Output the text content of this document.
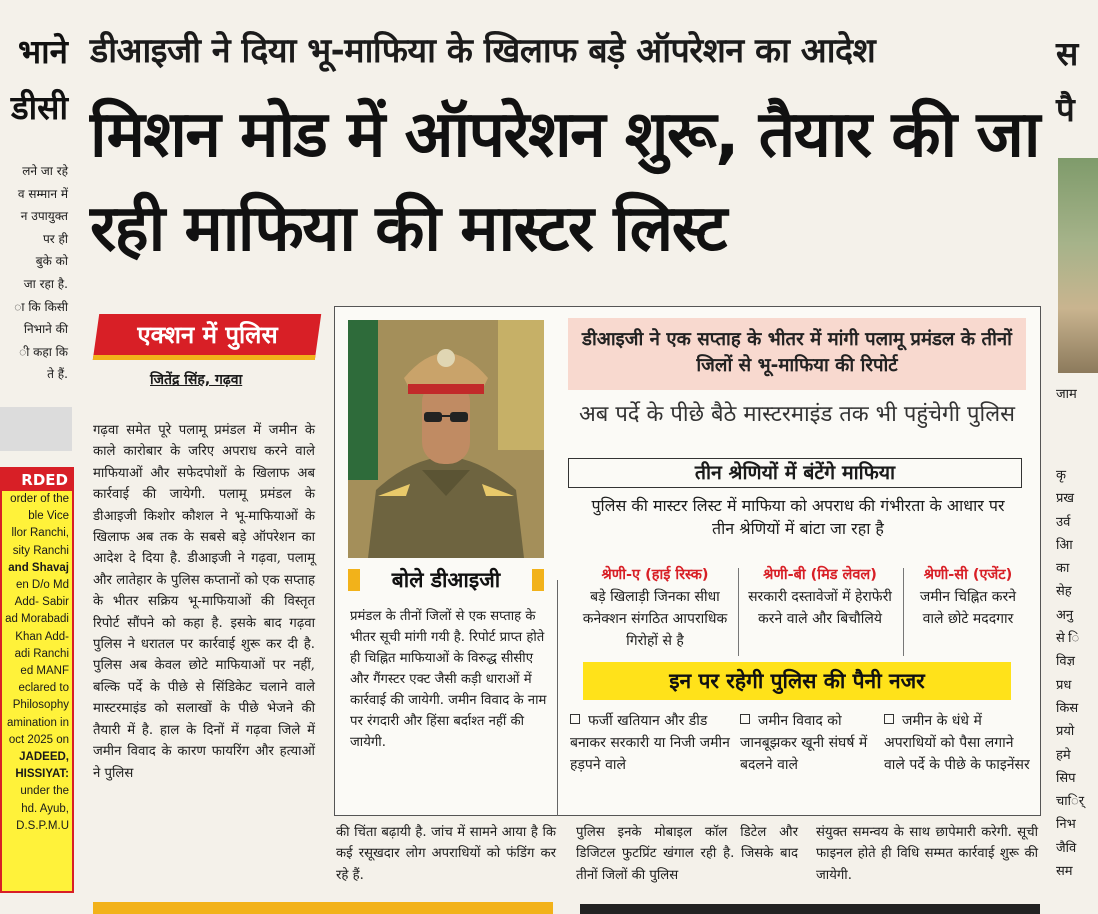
भाने
डीसी
लने जा रहे
व सम्मान में
न उपायुक्त
पर ही
बुके को
जा रहा है.
ा कि किसी
निभाने की
ी कहा कि
ते हैं.
RDED
order of the
ble Vice
llor Ranchi,
sity Ranchi
and Shavaj
en D/o Md
Add- Sabir
ad Morabadi
Khan Add-
adi Ranchi
ed MANF
eclared to
Philosophy
amination in
oct 2025 on
JADEED,
HISSIYAT:
under the
hd. Ayub,
D.S.P.M.U
स
पै
जाम
कृ
प्रख
उर्व
आि
का
सेह
अनु
से ि
विज्ञ
प्रध
किस
प्रयो
हमे
सिप
चार्ि
निभ
जैवि
सम
डीआइजी ने दिया भू-माफिया के खिलाफ बड़े ऑपरेशन का आदेश
मिशन मोड में ऑपरेशन शुरू, तैयार की जा रही माफिया की मास्टर लिस्ट
एक्शन में पुलिस
जितेंद्र सिंह, गढ़वा
गढ़वा समेत पूरे पलामू प्रमंडल में जमीन के काले कारोबार के जरिए अपराध करने वाले माफियाओं और सफेदपोशों के खिलाफ अब कार्रवाई की जायेगी. पलामू प्रमंडल के डीआइजी किशोर कौशल ने भू-माफियाओं के खिलाफ अब तक के सबसे बड़े ऑपरेशन का आदेश दे दिया है. डीआइजी ने गढ़वा, पलामू और लातेहार के पुलिस कप्तानों को एक सप्ताह के भीतर सक्रिय भू-माफियाओं की विस्तृत रिपोर्ट सौंपने को कहा है. इसके बाद गढ़वा पुलिस ने धरातल पर कार्रवाई शुरू कर दी है. पुलिस अब केवल छोटे माफियाओं पर नहीं, बल्कि पर्दे के पीछे से सिंडिकेट चलाने वाले मास्टरमाइंड को सलाखों के पीछे भेजने की तैयारी में है. हाल के दिनों में गढ़वा जिले में जमीन विवाद के कारण फायरिंग और हत्याओं ने पुलिस
बोले डीआइजी
प्रमंडल के तीनों जिलों से एक सप्ताह के भीतर सूची मांगी गयी है. रिपोर्ट प्राप्त होते ही चिह्नित माफियाओं के विरुद्ध सीसीए और गैंगस्टर एक्ट जैसी कड़ी धाराओं में कार्रवाई की जायेगी. जमीन विवाद के नाम पर रंगदारी और हिंसा बर्दाश्त नहीं की जायेगी.
डीआइजी ने एक सप्ताह के भीतर में मांगी पलामू प्रमंडल के तीनों जिलों से भू-माफिया की रिपोर्ट
अब पर्दे के पीछे बैठे मास्टरमाइंड तक भी पहुंचेगी पुलिस
तीन श्रेणियों में बंटेंगे माफिया
पुलिस की मास्टर लिस्ट में माफिया को अपराध की गंभीरता के आधार पर तीन श्रेणियों में बांटा जा रहा है
श्रेणी-ए (हाई रिस्क)
बड़े खिलाड़ी जिनका सीधा कनेक्शन संगठित आपराधिक गिरोहों से है
श्रेणी-बी (मिड लेवल)
सरकारी दस्तावेजों में हेराफेरी करने वाले और बिचौलिये
श्रेणी-सी (एजेंट)
जमीन चिह्नित करने वाले छोटे मददगार
इन पर रहेगी पुलिस की पैनी नजर
फर्जी खतियान और डीड बनाकर सरकारी या निजी जमीन हड़पने वाले
जमीन विवाद को जानबूझकर खूनी संघर्ष में बदलने वाले
जमीन के धंधे में अपराधियों को पैसा लगाने वाले पर्दे के पीछे के फाइनेंसर
की चिंता बढ़ायी है. जांच में सामने आया है कि कई रसूखदार लोग अपराधियों को फंडिंग कर रहे हैं.
पुलिस इनके मोबाइल कॉल डिटेल और डिजिटल फुटप्रिंट खंगाल रही है. जिसके बाद तीनों जिलों की पुलिस
संयुक्त समन्वय के साथ छापेमारी करेगी. सूची फाइनल होते ही विधि सम्मत कार्रवाई शुरू की जायेगी.
